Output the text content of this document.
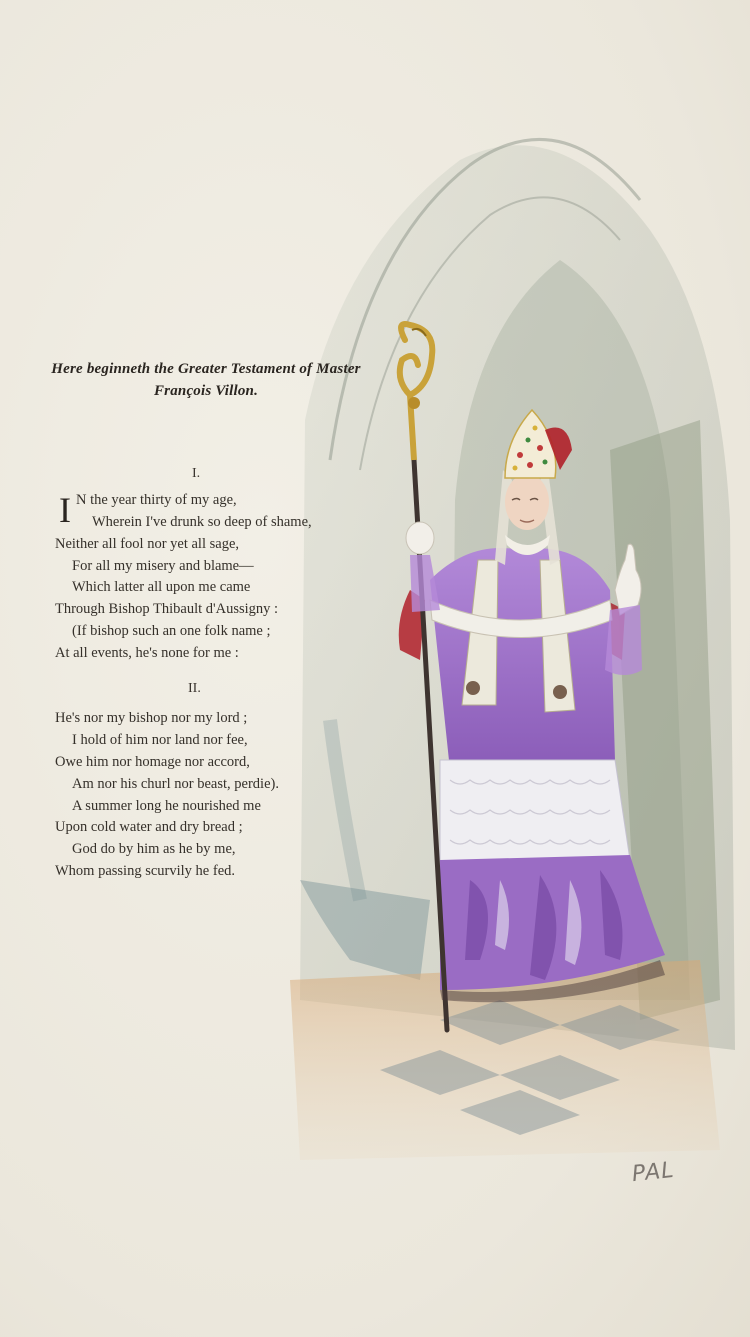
Here beginneth the Greater Testament of Master
François Villon.
I.
I N the year thirty of my age,
Wherein I've drunk so deep of shame,
Neither all fool nor yet all sage,
For all my misery and blame—
Which latter all upon me came
Through Bishop Thibault d'Aussigny :
(If bishop such an one folk name ;
At all events, he's none for me :
II.
He's nor my bishop nor my lord ;
I hold of him nor land nor fee,
Owe him nor homage nor accord,
Am nor his churl nor beast, perdie).
A summer long he nourished me
Upon cold water and dry bread ;
God do by him as he by me,
Whom passing scurvily he fed.
PAL
